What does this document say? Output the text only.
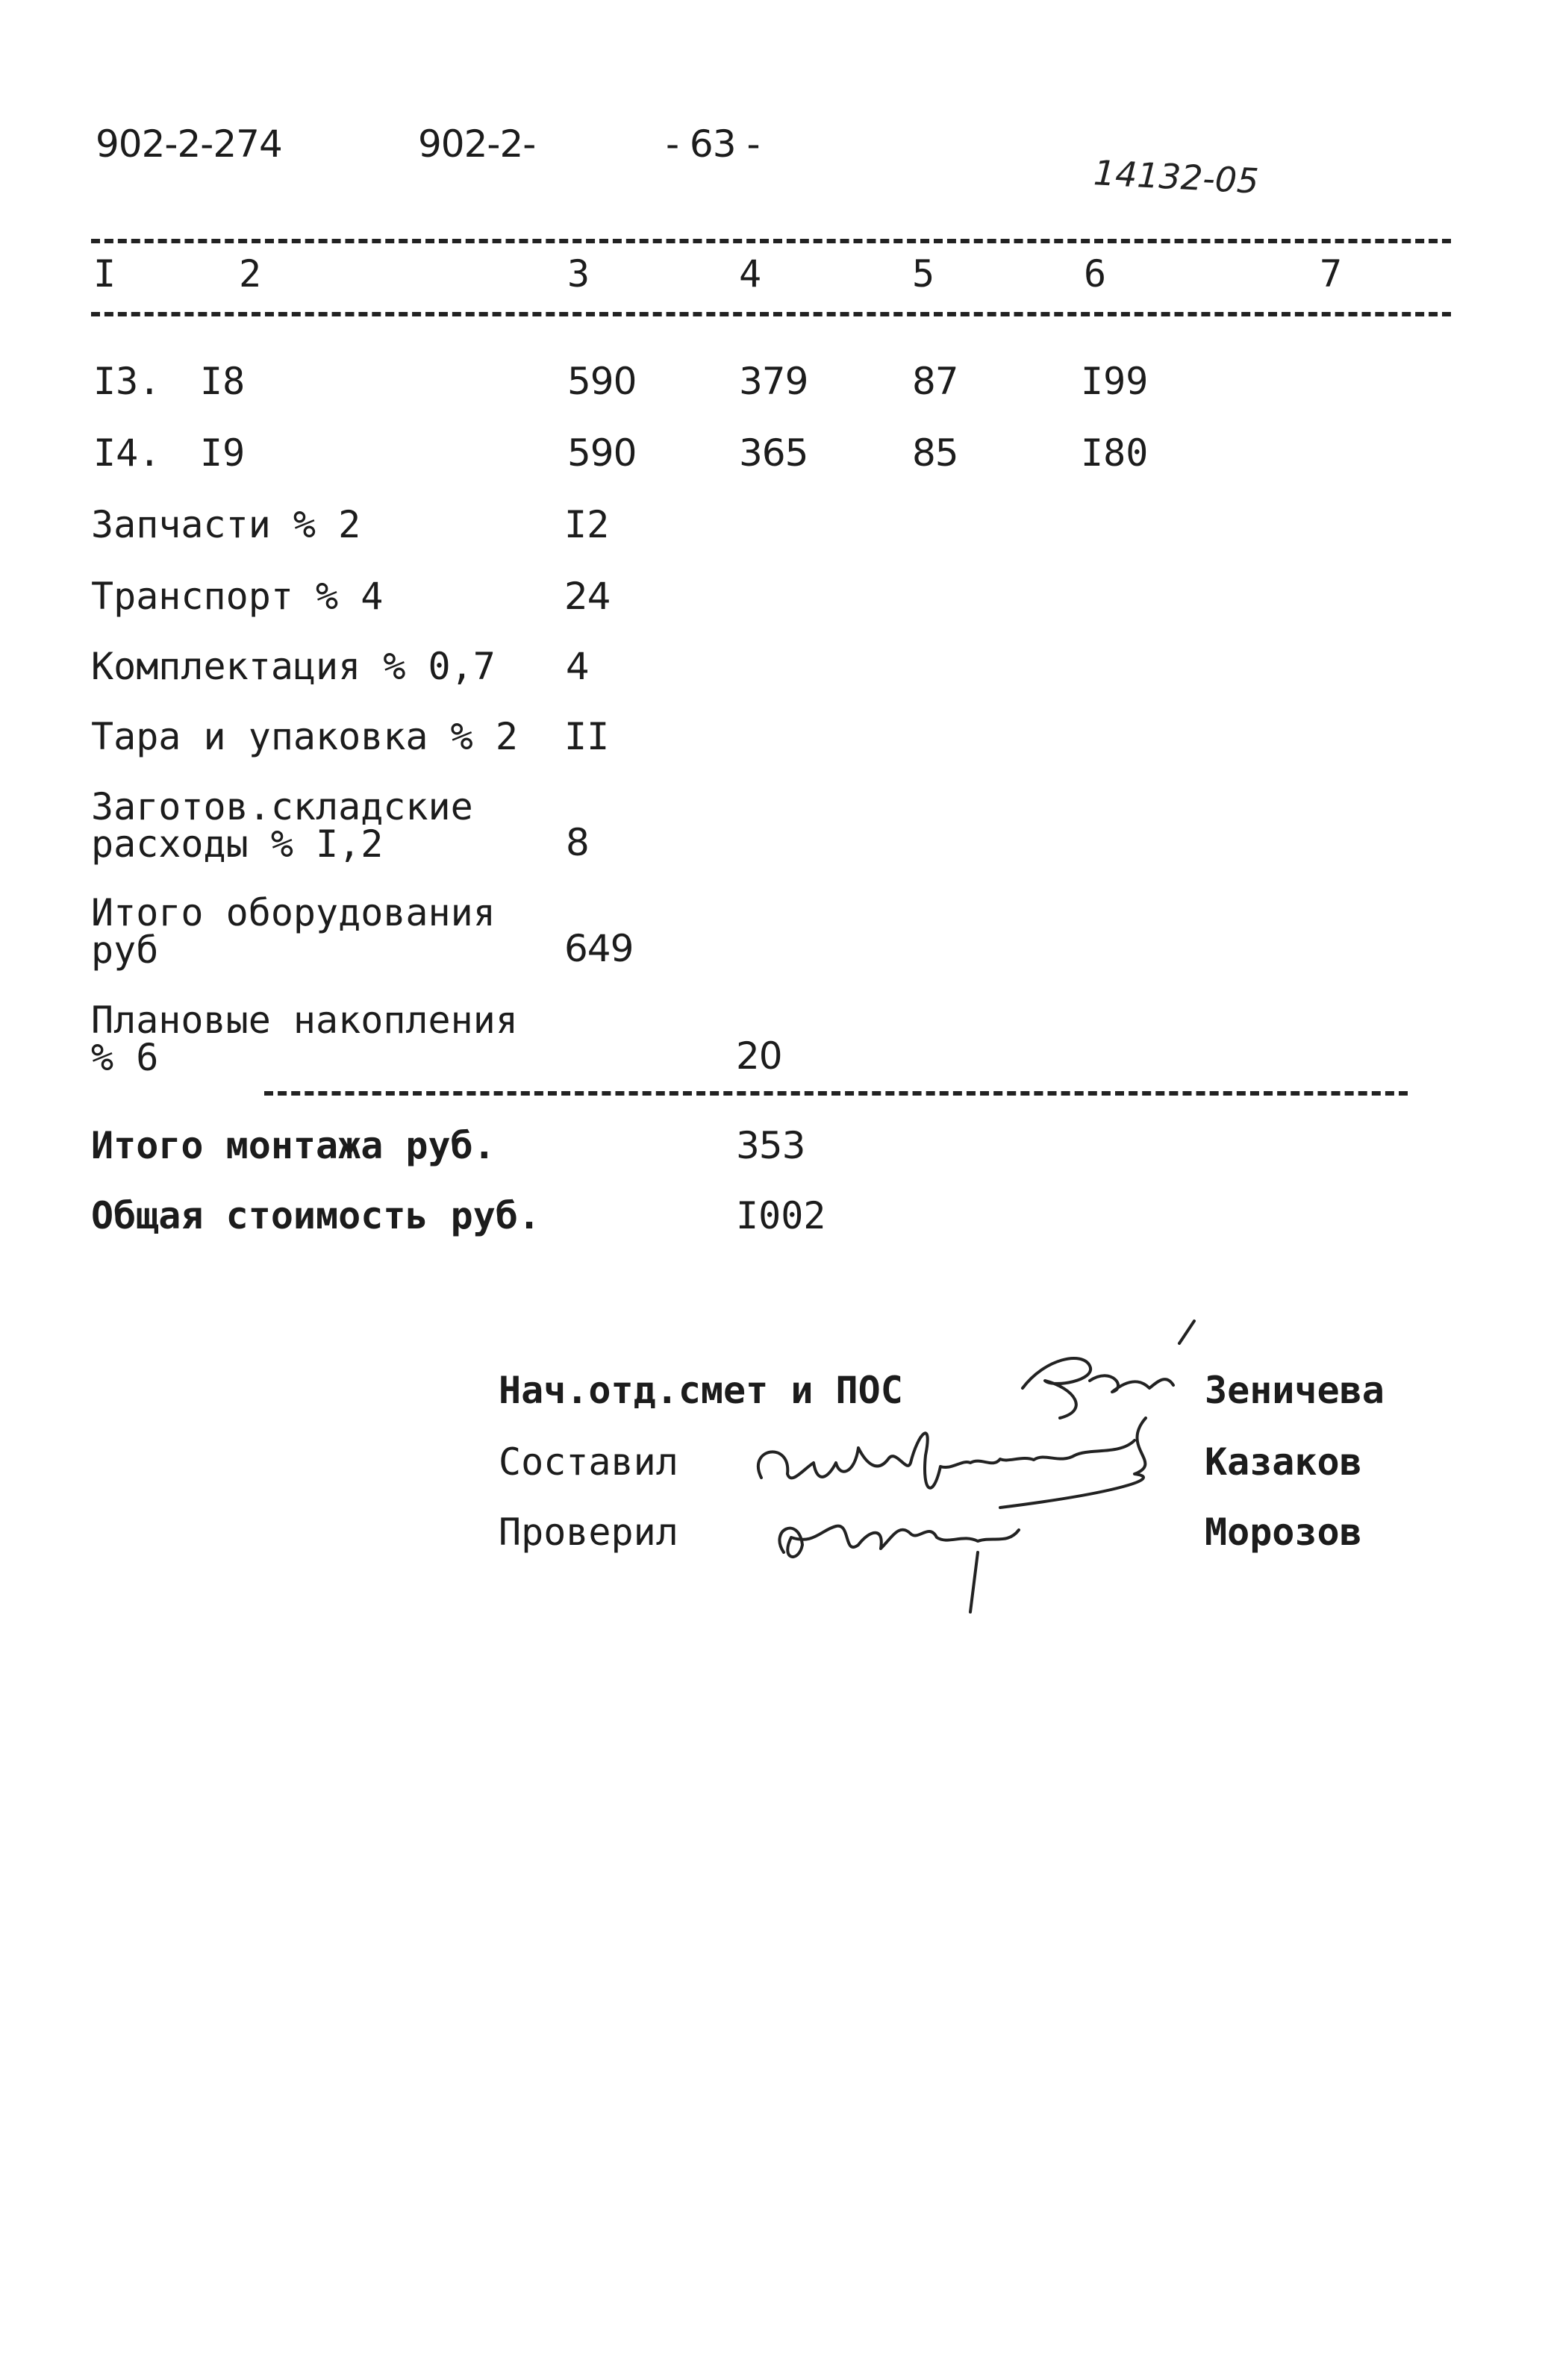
902-2-274	902-2-	- 63 -
14132-05
I	2	3	4	5	6	7
I3. I8	590	379	87	I99
I4. I9	590	365	85	I80
Запчасти % 2	I2
Транспорт % 4	24
Комплектация % 0,7 4
Тара и упаковка % 2 II
Заготов.складские
расходы % I,2	8
Итого оборудования
руб	649
Плановые накопления
% 6	20
Итого монтажа руб.	353
Общая стоимость руб.	I002
Нач.отд.смет и ПОС	Зеничева
Составил	Казаков
Проверил	Морозов
